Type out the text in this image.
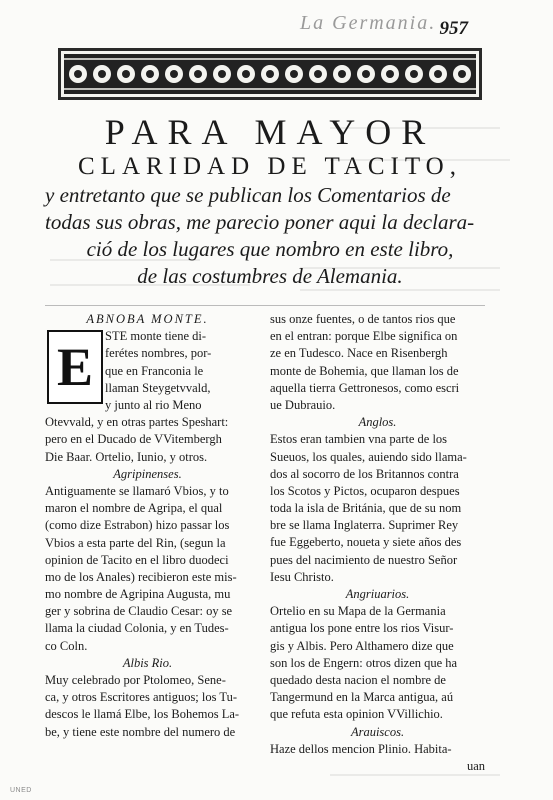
La Germania. 957
PARA MAYOR
CLARIDAD DE TACITO,
y entretanto que se publican los Comentarios de
todas sus obras, me parecio poner aqui la declara-
ció de los lugares que nombro en este libro,
de las costumbres de Alemania.
ABNOBA MONTE.
E
STE monte tiene di-
ferétes nombres, por-
que en Franconia le
llaman Steygetvvald,
y junto al rio Meno
Otevvald, y en otras partes Speshart:
pero en el Ducado de VVitembergh
Die Baar. Ortelio, Iunio, y otros.
Agripinenses.
Antiguamente se llamaró Vbios, y to
maron el nombre de Agripa, el qual
(como dize Estrabon) hizo passar los
Vbios a esta parte del Rin, (segun la
opinion de Tacito en el libro duodeci
mo de los Anales) recibieron este mis-
mo nombre de Agripina Augusta, mu
ger y sobrina de Claudio Cesar: oy se
llama la ciudad Colonia, y en Tudes-
co Coln.
Albis Rio.
Muy celebrado por Ptolomeo, Sene-
ca, y otros Escritores antiguos; los Tu-
descos le llamá Elbe, los Bohemos La-
be, y tiene este nombre del numero de
sus onze fuentes, o de tantos rios que
en el entran: porque Elbe significa on
ze en Tudesco. Nace en Risenbergh
monte de Bohemia, que llaman los de
aquella tierra Gettronesos, como escri
ue Dubrauio.
Anglos.
Estos eran tambien vna parte de los
Sueuos, los quales, auiendo sido llama-
dos al socorro de los Britannos contra
los Scotos y Pictos, ocuparon despues
toda la isla de Británia, que de su nom
bre se llama Inglaterra. Suprimer Rey
fue Eggeberto, noueta y siete años des
pues del nacimiento de nuestro Señor
Iesu Christo.
Angriuarios.
Ortelio en su Mapa de la Germania
antigua los pone entre los rios Visur-
gis y Albis. Pero Althamero dize que
son los de Engern: otros dizen que ha
quedado desta nacion el nombre de
Tangermund en la Marca antigua, aú
que refuta esta opinion VVillichio.
Arauiscos.
Haze dellos mencion Plinio. Habita-
uan
UNED
